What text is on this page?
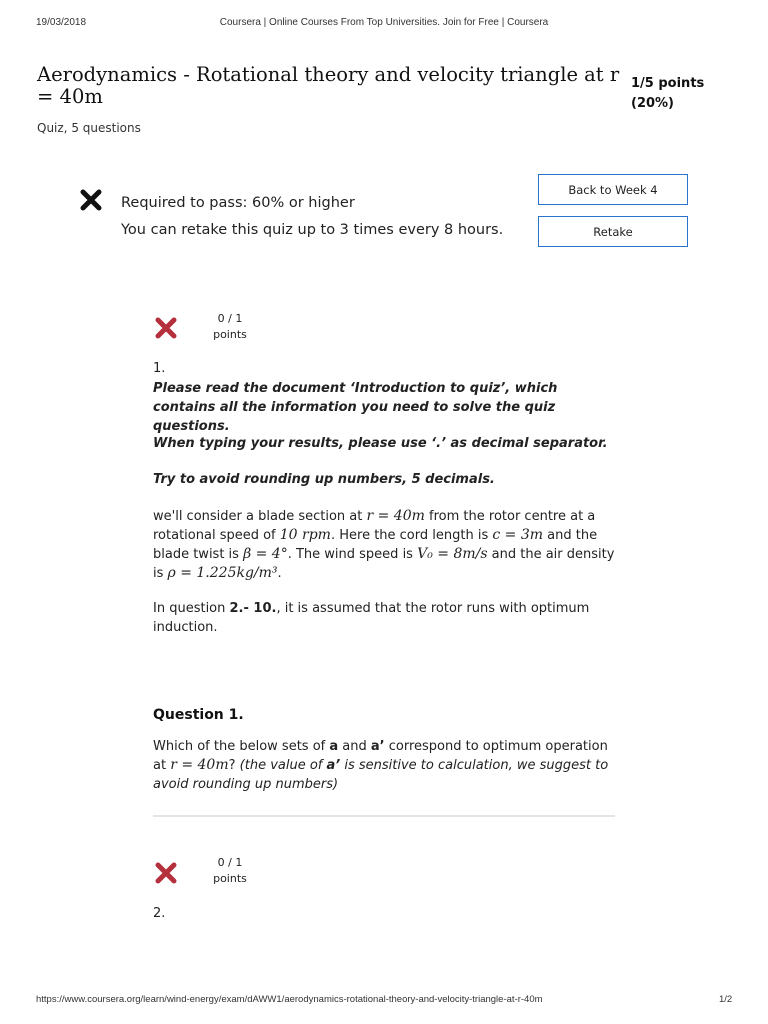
19/03/2018	Coursera | Online Courses From Top Universities. Join for Free | Coursera
Aerodynamics - Rotational theory and velocity triangle at r = 40m
1/5 points
(20%)
Quiz, 5 questions
Required to pass: 60% or higher
You can retake this quiz up to 3 times every 8 hours.
Back to Week 4
Retake
0 / 1
points
1.
Please read the document ‘Introduction to quiz’, which contains all the information you need to solve the quiz questions.
When typing your results, please use ‘.’ as decimal separator.
Try to avoid rounding up numbers, 5 decimals.
we'll consider a blade section at r = 40m from the rotor centre at a rotational speed of 10 rpm. Here the cord length is c = 3m and the blade twist is β = 4°. The wind speed is V₀ = 8m/s and the air density is ρ = 1.225kg/m³.
In question 2.- 10., it is assumed that the rotor runs with optimum induction.
Question 1.
Which of the below sets of a and a’ correspond to optimum operation at r = 40m? (the value of a’ is sensitive to calculation, we suggest to avoid rounding up numbers)
0 / 1
points
2.
https://www.coursera.org/learn/wind-energy/exam/dAWW1/aerodynamics-rotational-theory-and-velocity-triangle-at-r-40m	1/2
